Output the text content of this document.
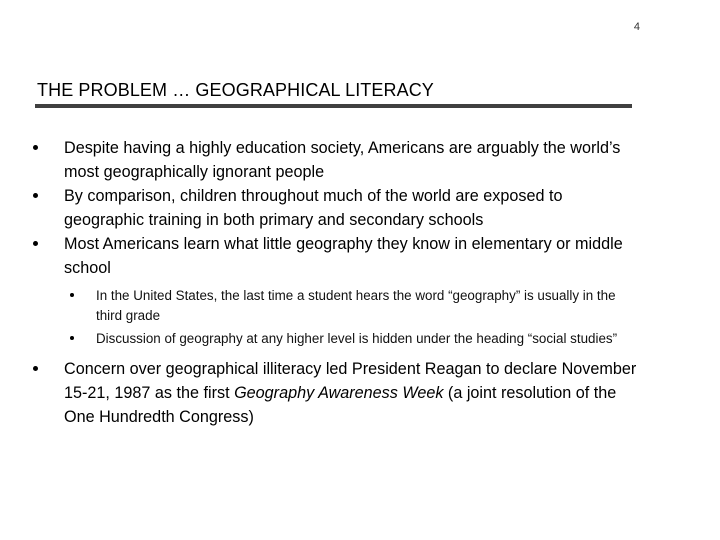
4
THE PROBLEM … GEOGRAPHICAL LITERACY
Despite having a highly education society, Americans are arguably the world’s most geographically ignorant people
By comparison, children throughout much of the world are exposed to geographic training in both primary and secondary schools
Most Americans learn what little geography they know in elementary or middle school
In the United States, the last time a student hears the word “geography” is usually in the third grade
Discussion of geography at any higher level is hidden under the heading “social studies”
Concern over geographical illiteracy led President Reagan to declare November 15-21, 1987 as the first Geography Awareness Week (a joint resolution of the One Hundredth Congress)
